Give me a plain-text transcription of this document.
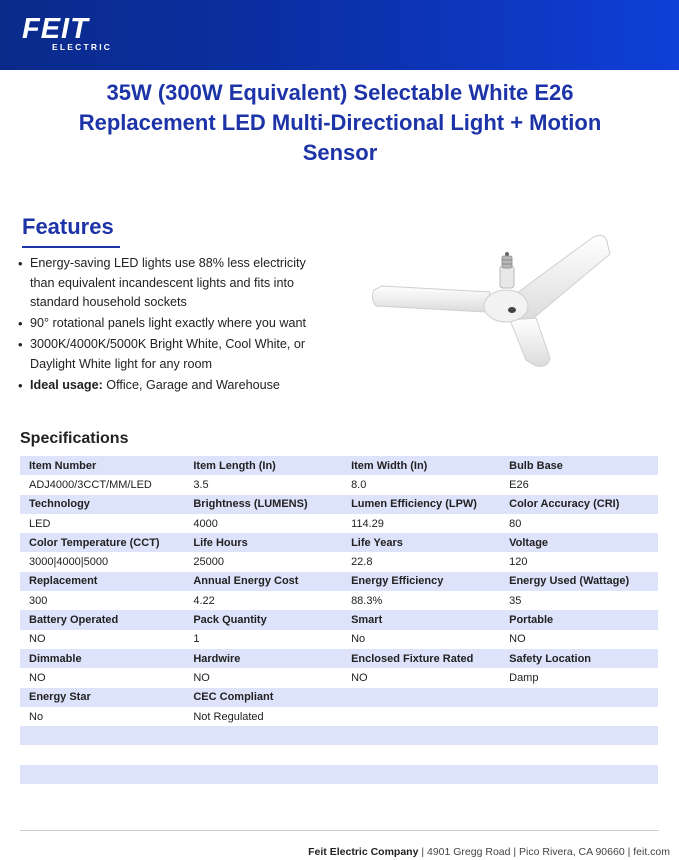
FEIT
ELECTRIC
35W (300W Equivalent) Selectable White E26
Replacement LED Multi-Directional Light + Motion
Sensor
Features
• Energy-saving LED lights use 88% less electricity than equivalent incandescent lights and fits into standard household sockets
• 90° rotational panels light exactly where you want
• 3000K/4000K/5000K Bright White, Cool White, or Daylight White light for any room
• Ideal usage: Office, Garage and Warehouse
Specifications
Item Number	Item Length (In)	Item Width (In)	Bulb Base
ADJ4000/3CCT/MM/LED	3.5	8.0	E26
Technology	Brightness (LUMENS)	Lumen Efficiency (LPW)	Color Accuracy (CRI)
LED	4000	114.29	80
Color Temperature (CCT)	Life Hours	Life Years	Voltage
3000|4000|5000	25000	22.8	120
Replacement	Annual Energy Cost	Energy Efficiency	Energy Used (Wattage)
300	4.22	88.3%	35
Battery Operated	Pack Quantity	Smart	Portable
NO	1	No	NO
Dimmable	Hardwire	Enclosed Fixture Rated	Safety Location
NO	NO	NO	Damp
Energy Star	CEC Compliant		
No	Not Regulated		

Feit Electric Company | 4901 Gregg Road | Pico Rivera, CA 90660 | feit.com
